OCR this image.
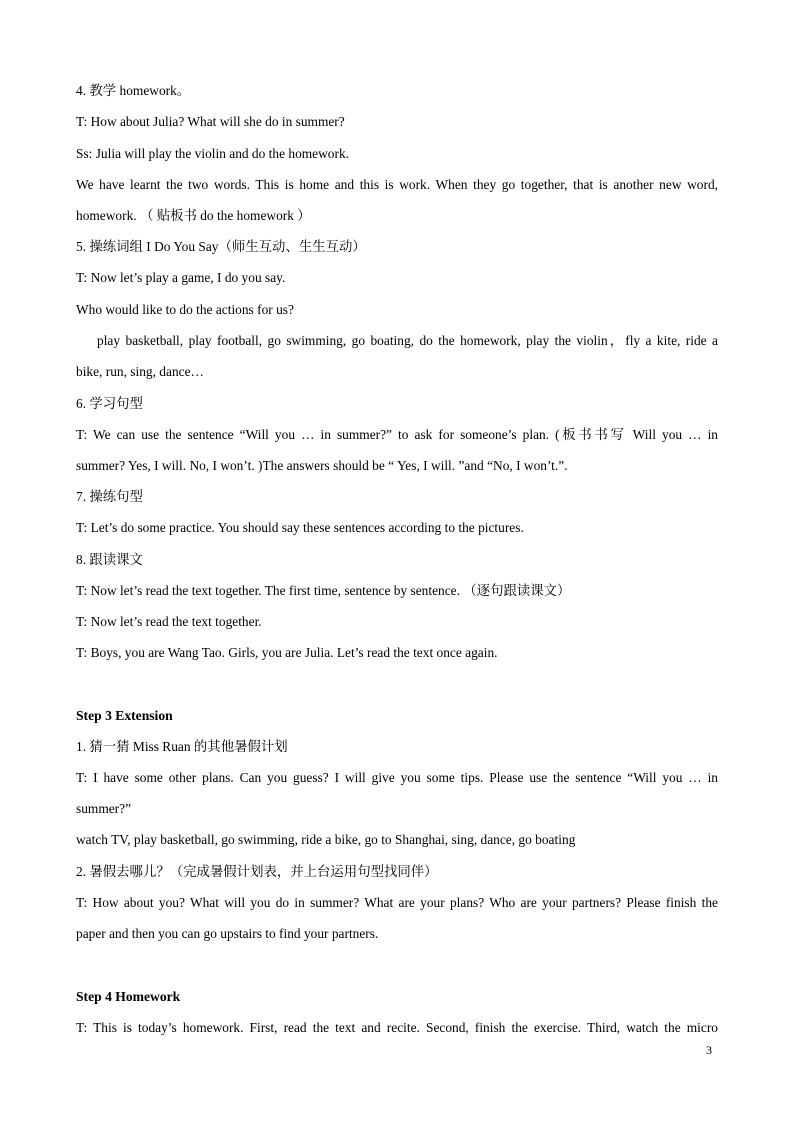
4. 教学 homework。
T: How about Julia? What will she do in summer?
Ss: Julia will play the violin and do the homework.
We have learnt the two words. This is home and this is work. When they go together, that is another new word,
homework. （ 贴板书 do the homework ）
5. 操练词组 I Do You Say（师生互动、生生互动）
T: Now let’s play a game, I do you say.
Who would like to do the actions for us?
play basketball, play football, go swimming, go boating, do the homework, play the violin，fly a kite, ride a
bike, run, sing, dance…
6. 学习句型
T: We can use the sentence “Will you … in summer?” to ask for someone’s plan. (板书书写 Will you … in
summer? Yes, I will. No, I won’t. )The answers should be “ Yes, I will. ”and “No, I won’t.”.
7. 操练句型
T: Let’s do some practice. You should say these sentences according to the pictures.
8. 跟读课文
T: Now let’s read the text together. The first time, sentence by sentence. （逐句跟读课文）
T: Now let’s read the text together.
T: Boys, you are Wang Tao. Girls, you are Julia. Let’s read the text once again.
Step 3 Extension
1. 猜一猜 Miss Ruan 的其他暑假计划
T: I have some other plans. Can you guess? I will give you some tips. Please use the sentence “Will you … in
summer?”
watch TV, play basketball, go swimming, ride a bike, go to Shanghai, sing, dance, go boating
2. 暑假去哪儿？（完成暑假计划表，并上台运用句型找同伴）
T: How about you? What will you do in summer? What are your plans? Who are your partners? Please finish the
paper and then you can go upstairs to find your partners.
Step 4 Homework
T: This is today’s homework. First, read the text and recite. Second, finish the exercise. Third, watch the micro
3
